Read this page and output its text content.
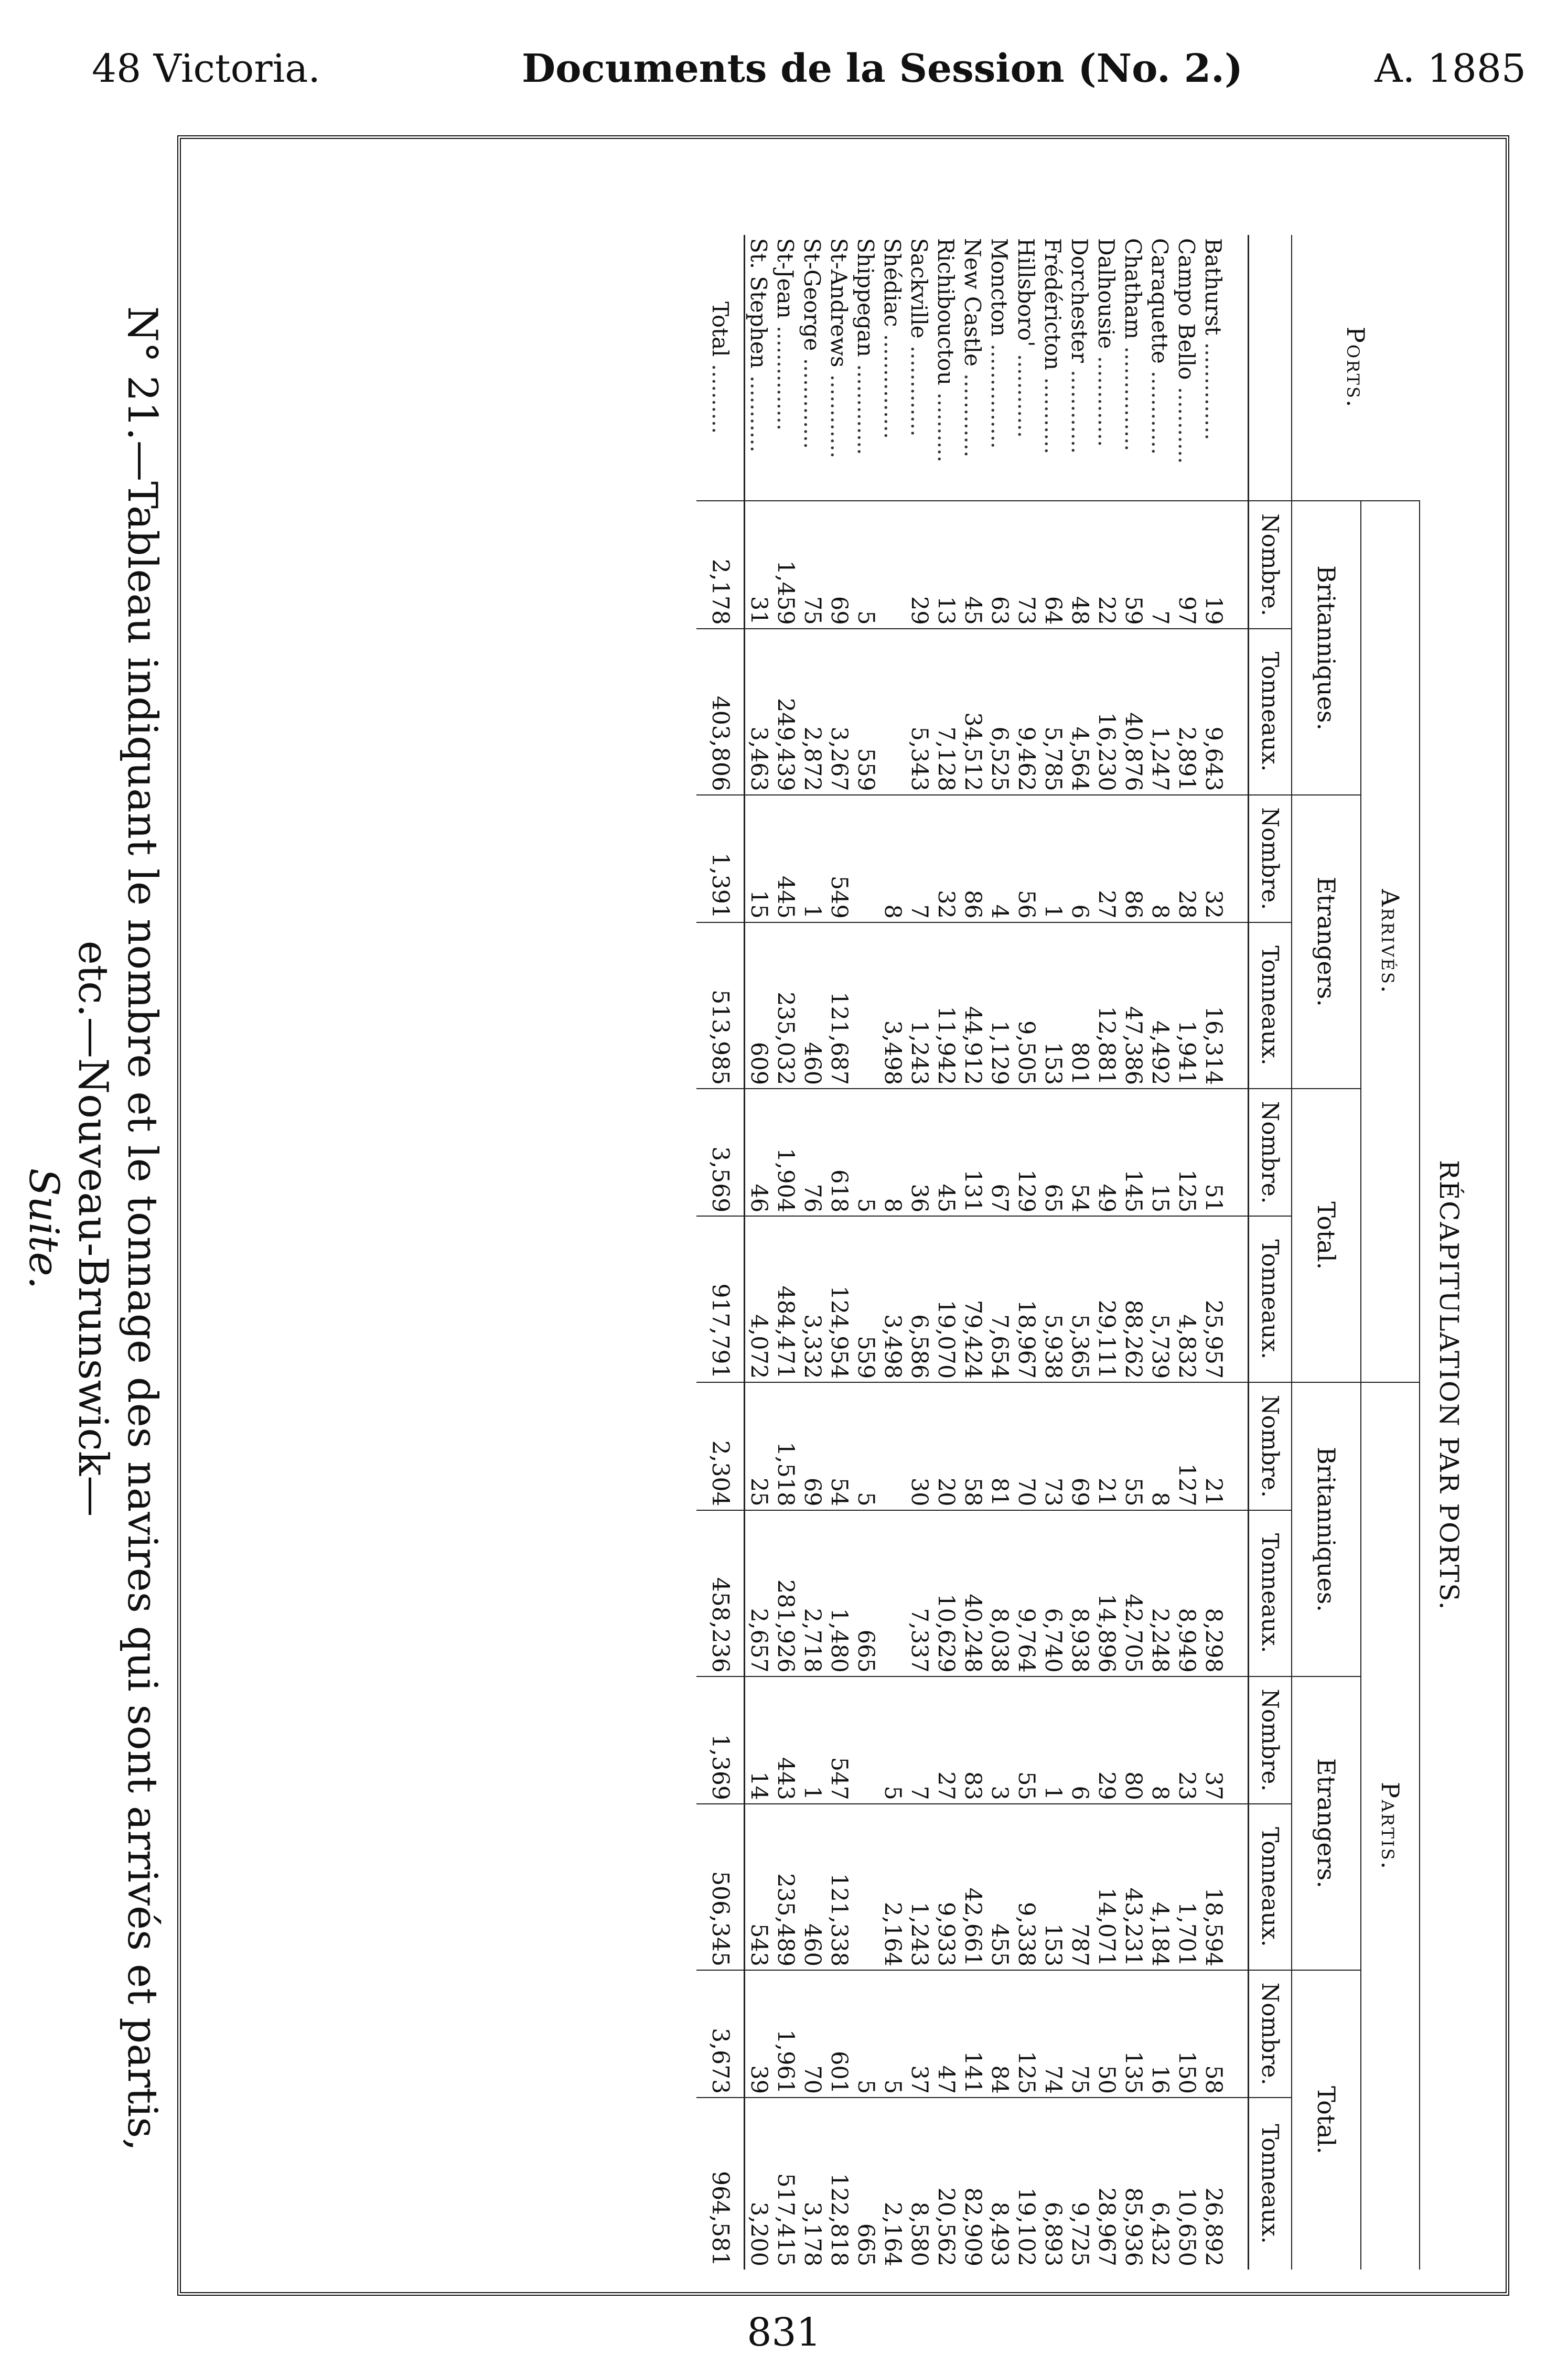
48 Victoria.	Documents de la Session (No. 2.)	A. 1885
N° 21.—Tableau indiquant le nombre et le tonnage des navires qui sont arrivés et partis, etc.—Nouveau-Brunswick—
Suite.
		RÉCAPITULATION PAR PORTS.											
Ports.	Arrivés.						Partis.					
	Britanniques.		Etrangers.		Total.		Britanniques.		Etrangers.		Total.	
	Nombre.	Tonneaux.	Nombre.	Tonneaux.	Nombre.	Tonneaux.	Nombre.	Tonneaux.	Nombre.	Tonneaux.	Nombre.	Tonneaux.

Bathurst ..............	19	9,643	32	16,314	51	25,957	21	8,298	37	18,594	58	26,892
Campo Bello ...........	97	2,891	28	1,941	125	4,832	127	8,949	23	1,701	150	10,650
Caraquette ............	7	1,247	8	4,492	15	5,739	8	2,248	8	4,184	16	6,432
Chatham ...............	59	40,876	86	47,386	145	88,262	55	42,705	80	43,231	135	85,936
Dalhousie .............	22	16,230	27	12,881	49	29,111	21	14,896	29	14,071	50	28,967
Dorchester ............	48	4,564	6	801	54	5,365	69	8,938	6	787	75	9,725
Frédéricton ...........	64	5,785	1	153	65	5,938	73	6,740	1	153	74	6,893
Hillsboro' ............	73	9,462	56	9,505	129	18,967	70	9,764	55	9,338	125	19,102
Moncton ...............	63	6,525	4	1,129	67	7,654	81	8,038	3	455	84	8,493
New Castle ............	45	34,512	86	44,912	131	79,424	58	40,248	83	42,661	141	82,909
Richibouctou ..........	13	7,128	32	11,942	45	19,070	20	10,629	27	9,933	47	20,562
Sackville .............	29	5,343	7	1,243	36	6,586	30	7,337	7	1,243	37	8,580
Shédiac ...............			8	3,498	8	3,498			5	2,164	5	2,164
Shippegan .............	5	559			5	559	5	665			5	665
St-Andrews ............	69	3,267	549	121,687	618	124,954	54	1,480	547	121,338	601	122,818
St-George .............	75	2,872	1	460	76	3,332	69	2,718	1	460	70	3,178
St-Jean ...............	1,459	249,439	445	235,032	1,904	484,471	1,518	281,926	443	235,489	1,961	517,415
St. Stephen ...........	31	3,463	15	609	46	4,072	25	2,657	14	543	39	3,200
Total ..........	2,178	403,806	1,391	513,985	3,569	917,791	2,304	458,236	1,369	506,345	3,673	964,581
831
